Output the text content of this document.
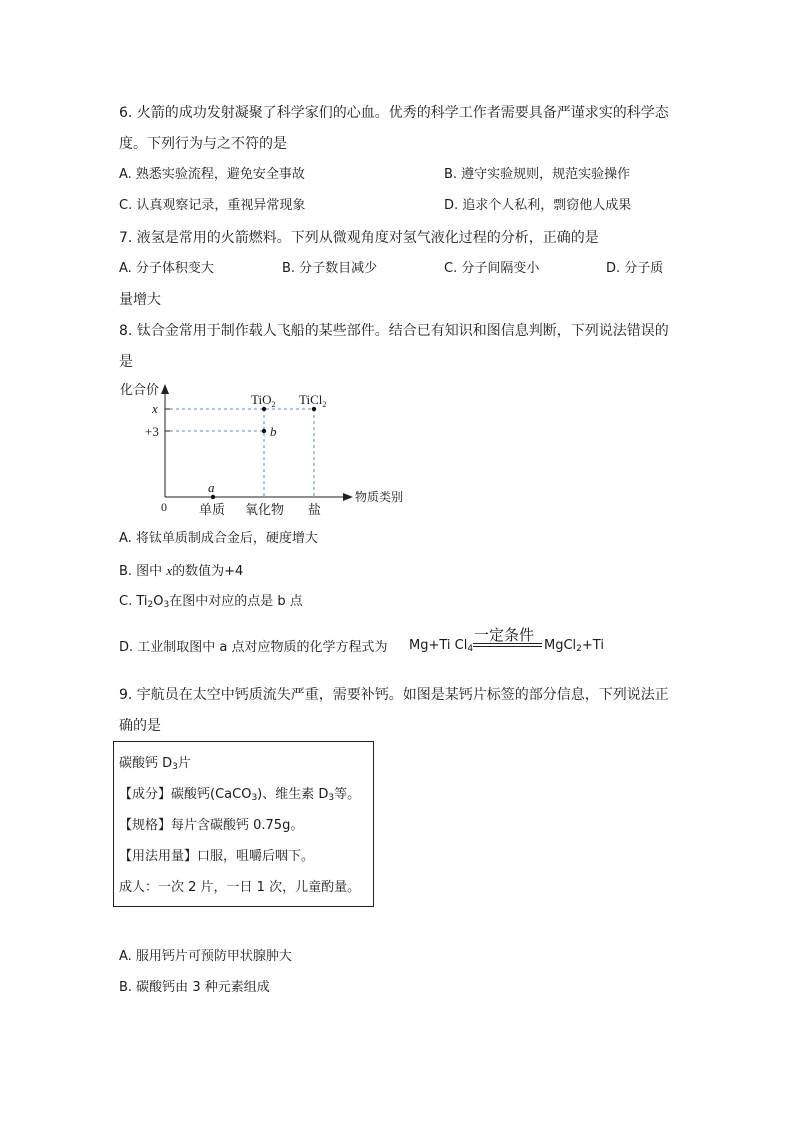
6. 火箭的成功发射凝聚了科学家们的心血。优秀的科学工作者需要具备严谨求实的科学态
度。下列行为与之不符的是
A. 熟悉实验流程，避免安全事故	B. 遵守实验规则，规范实验操作
C. 认真观察记录，重视异常现象	D. 追求个人私利，剽窃他人成果
7. 液氢是常用的火箭燃料。下列从微观角度对氢气液化过程的分析，正确的是
A. 分子体积变大	B. 分子数目减少	C. 分子间隔变小	D. 分子质
量增大
8. 钛合金常用于制作载人飞船的某些部件。结合已有知识和图信息判断，下列说法错误的
是
化合价
物质类别
0
x
+3
a
b
TiO$_2$ TiCl$_2$
单质 氧化物 盐
A. 将钛单质制成合金后，硬度增大
B. 图中 x的数值为+4
C. $Ti_2O_3$在图中对应的点是 b 点
D. 工业制取图中 a 点对应物质的化学方程式为 Mg+Ti $Cl_4$
一定条件
MgCl$_2$+Ti
9. 宇航员在太空中钙质流失严重，需要补钙。如图是某钙片标签的部分信息，下列说法正
确的是
碳酸钙 $D_3$片
【成分】碳酸钙(CaCO$_3$)、维生素 $D_3$等。
【规格】每片含碳酸钙 0.75g。
【用法用量】口服，咀嚼后咽下。
成人：一次 2 片，一日 1 次，儿童酌量。
A. 服用钙片可预防甲状腺肿大
B. 碳酸钙由 3 种元素组成
